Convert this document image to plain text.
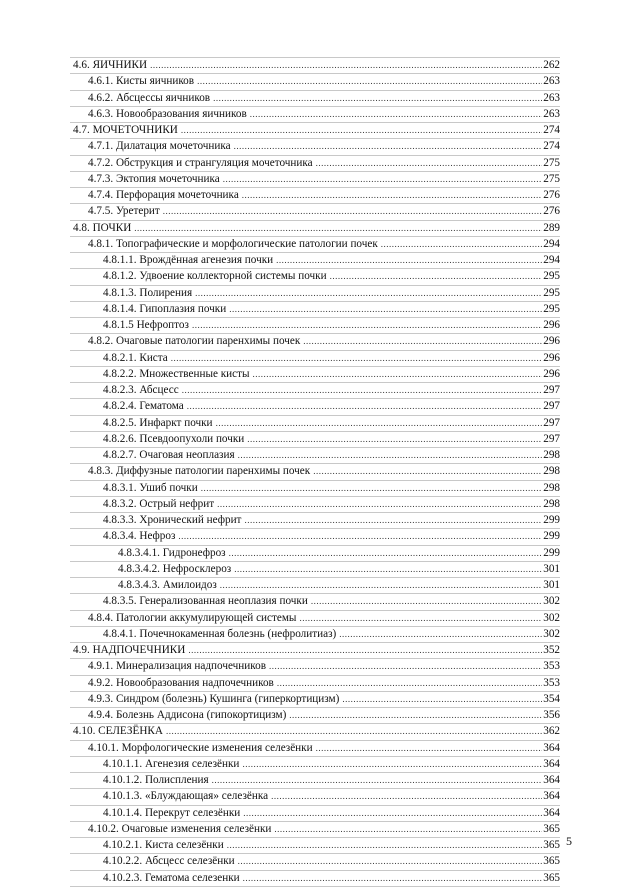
4.6. ЯИЧНИКИ .....	262
4.6.1. Кисты яичников .....	263
4.6.2. Абсцессы яичников .....	263
4.6.3. Новообразования яичников .....	263
4.7. МОЧЕТОЧНИКИ .....	274
4.7.1. Дилатация мочеточника .....	274
4.7.2. Обструкция и странгуляция мочеточника .....	275
4.7.3. Эктопия мочеточника .....	275
4.7.4. Перфорация мочеточника .....	276
4.7.5. Уретерит .....	276
4.8. ПОЧКИ .....	289
4.8.1. Топографические и морфологические патологии почек .....	294
4.8.1.1. Врождённая агенезия почки .....	294
4.8.1.2. Удвоение коллекторной системы почки .....	295
4.8.1.3. Полирения .....	295
4.8.1.4. Гипоплазия почки .....	295
4.8.1.5 Нефроптоз .....	296
4.8.2. Очаговые патологии паренхимы почек .....	296
4.8.2.1. Киста .....	296
4.8.2.2. Множественные кисты .....	296
4.8.2.3. Абсцесс .....	297
4.8.2.4. Гематома .....	297
4.8.2.5. Инфаркт почки .....	297
4.8.2.6. Псевдоопухоли почки .....	297
4.8.2.7. Очаговая неоплазия .....	298
4.8.3. Диффузные патологии парeнхимы почек .....	298
4.8.3.1. Ушиб почки .....	298
4.8.3.2. Острый нефрит .....	298
4.8.3.3. Хронический нефрит .....	299
4.8.3.4. Нефроз .....	299
4.8.3.4.1. Гидронефроз .....	299
4.8.3.4.2. Нефросклероз .....	301
4.8.3.4.3. Амилоидоз .....	301
4.8.3.5. Генерализованная неоплазия почки .....	302
4.8.4. Патологии аккумулирующей системы .....	302
4.8.4.1. Почечнокаменная болезнь (нефролитиаз) .....	302
4.9. НАДПОЧЕЧНИКИ .....	352
4.9.1. Минерализация надпочечников .....	353
4.9.2. Новообразования надпочечников .....	353
4.9.3. Синдром (болезнь) Кушинга (гиперкортицизм) .....	354
4.9.4. Болезнь Аддисона (гипокортицизм) .....	356
4.10. СЕЛЕЗЁНКА .....	362
4.10.1. Морфологические изменения селезёнки .....	364
4.10.1.1. Агенезия селезёнки .....	364
4.10.1.2. Полиспления .....	364
4.10.1.3. «Блуждающая» селезёнка .....	364
4.10.1.4. Перекрут селезёнки .....	364
4.10.2. Очаговые изменения селезёнки .....	365
4.10.2.1. Киста селезёнки .....	365
4.10.2.2. Абсцесс селезёнки .....	365
4.10.2.3. Гематома селезенки .....	365
5
